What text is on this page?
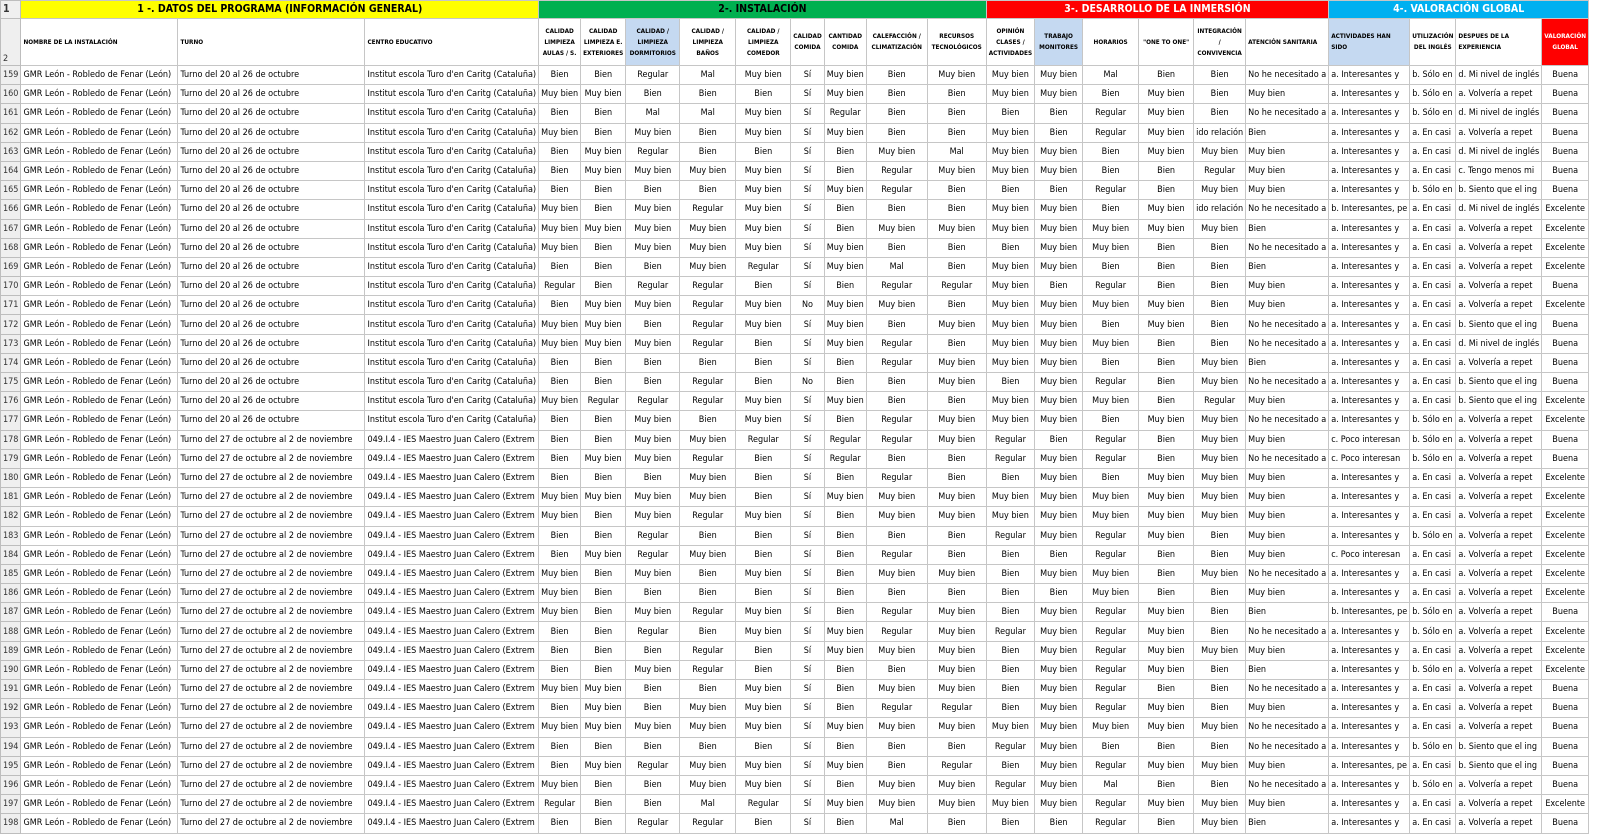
1	1 -. DATOS DEL PROGRAMA (INFORMACIÓN GENERAL)			2-. INSTALACIÓN									3-. DESARROLLO DE LA INMERSIÓN						4-. VALORACIÓN GLOBAL			
2	NOMBRE DE LA INSTALACIÓN	TURNO	CENTRO EDUCATIVO	CALIDAD LIMPIEZA AULAS / S.	CALIDAD LIMPIEZA E. EXTERIORES	CALIDAD / LIMPIEZA DORMITORIOS	CALIDAD / LIMPIEZA BAÑOS	CALIDAD / LIMPIEZA COMEDOR	CALIDAD COMIDA	CANTIDAD COMIDA	CALEFACCIÓN / CLIMATIZACIÓN	RECURSOS TECNOLÓGICOS	OPINIÓN CLASES / ACTIVIDADES	TRABAJO MONITORES	HORARIOS	"ONE TO ONE"	INTEGRACIÓN / CONVIVENCIA	ATENCIÓN SANITARIA	ACTIVIDADES HAN SIDO	UTILIZACIÓN DEL INGLÉS	DESPUES DE LA EXPERIENCIA	VALORACIÓN GLOBAL
159	GMR León - Robledo de Fenar (León)	Turno del 20 al 26 de octubre	Institut escola Turo d'en Caritg (Cataluña)	Bien	Bien	Regular	Mal	Muy bien	Sí	Muy bien	Bien	Muy bien	Muy bien	Muy bien	Mal	Bien	Bien	No he necesitado a	a. Interesantes y	b. Sólo en	d. Mi nivel de inglés	Buena
160	GMR León - Robledo de Fenar (León)	Turno del 20 al 26 de octubre	Institut escola Turo d'en Caritg (Cataluña)	Muy bien	Muy bien	Bien	Bien	Bien	Sí	Muy bien	Bien	Bien	Muy bien	Muy bien	Bien	Muy bien	Bien	Muy bien	a. Interesantes y	b. Sólo en	a. Volvería a repet	Buena
161	GMR León - Robledo de Fenar (León)	Turno del 20 al 26 de octubre	Institut escola Turo d'en Caritg (Cataluña)	Bien	Bien	Mal	Mal	Muy bien	Sí	Regular	Bien	Bien	Bien	Bien	Regular	Muy bien	Bien	No he necesitado a	a. Interesantes y	b. Sólo en	d. Mi nivel de inglés	Buena
162	GMR León - Robledo de Fenar (León)	Turno del 20 al 26 de octubre	Institut escola Turo d'en Caritg (Cataluña)	Muy bien	Bien	Muy bien	Bien	Muy bien	Sí	Muy bien	Bien	Bien	Muy bien	Bien	Regular	Muy bien	ido relación	Bien	a. Interesantes y	a. En casi	a. Volvería a repet	Buena
163	GMR León - Robledo de Fenar (León)	Turno del 20 al 26 de octubre	Institut escola Turo d'en Caritg (Cataluña)	Bien	Muy bien	Regular	Bien	Bien	Sí	Bien	Muy bien	Mal	Muy bien	Muy bien	Bien	Muy bien	Muy bien	Muy bien	a. Interesantes y	a. En casi	d. Mi nivel de inglés	Buena
164	GMR León - Robledo de Fenar (León)	Turno del 20 al 26 de octubre	Institut escola Turo d'en Caritg (Cataluña)	Bien	Muy bien	Muy bien	Muy bien	Muy bien	Sí	Bien	Regular	Muy bien	Muy bien	Muy bien	Bien	Bien	Regular	Muy bien	a. Interesantes y	a. En casi	c. Tengo menos mi	Buena
165	GMR León - Robledo de Fenar (León)	Turno del 20 al 26 de octubre	Institut escola Turo d'en Caritg (Cataluña)	Bien	Bien	Bien	Bien	Muy bien	Sí	Muy bien	Regular	Bien	Bien	Bien	Regular	Bien	Muy bien	Muy bien	a. Interesantes y	b. Sólo en	b. Siento que el ing	Buena
166	GMR León - Robledo de Fenar (León)	Turno del 20 al 26 de octubre	Institut escola Turo d'en Caritg (Cataluña)	Muy bien	Bien	Muy bien	Regular	Muy bien	Sí	Bien	Bien	Bien	Muy bien	Muy bien	Bien	Muy bien	ido relación	No he necesitado a	b. Interesantes, pe	a. En casi	d. Mi nivel de inglés	Excelente
167	GMR León - Robledo de Fenar (León)	Turno del 20 al 26 de octubre	Institut escola Turo d'en Caritg (Cataluña)	Muy bien	Muy bien	Muy bien	Muy bien	Muy bien	Sí	Bien	Muy bien	Muy bien	Muy bien	Muy bien	Muy bien	Muy bien	Muy bien	Bien	a. Interesantes y	a. En casi	a. Volvería a repet	Excelente
168	GMR León - Robledo de Fenar (León)	Turno del 20 al 26 de octubre	Institut escola Turo d'en Caritg (Cataluña)	Muy bien	Bien	Muy bien	Muy bien	Muy bien	Sí	Muy bien	Bien	Bien	Bien	Muy bien	Muy bien	Bien	Bien	No he necesitado a	a. Interesantes y	a. En casi	a. Volvería a repet	Excelente
169	GMR León - Robledo de Fenar (León)	Turno del 20 al 26 de octubre	Institut escola Turo d'en Caritg (Cataluña)	Bien	Bien	Bien	Muy bien	Regular	Sí	Muy bien	Mal	Bien	Muy bien	Muy bien	Bien	Bien	Bien	Bien	a. Interesantes y	a. En casi	a. Volvería a repet	Excelente
170	GMR León - Robledo de Fenar (León)	Turno del 20 al 26 de octubre	Institut escola Turo d'en Caritg (Cataluña)	Regular	Bien	Regular	Regular	Bien	Sí	Bien	Regular	Regular	Muy bien	Bien	Regular	Bien	Bien	Muy bien	a. Interesantes y	a. En casi	a. Volvería a repet	Buena
171	GMR León - Robledo de Fenar (León)	Turno del 20 al 26 de octubre	Institut escola Turo d'en Caritg (Cataluña)	Bien	Muy bien	Muy bien	Regular	Muy bien	No	Muy bien	Muy bien	Bien	Muy bien	Muy bien	Muy bien	Muy bien	Bien	Muy bien	a. Interesantes y	a. En casi	a. Volvería a repet	Excelente
172	GMR León - Robledo de Fenar (León)	Turno del 20 al 26 de octubre	Institut escola Turo d'en Caritg (Cataluña)	Muy bien	Muy bien	Bien	Regular	Muy bien	Sí	Muy bien	Bien	Muy bien	Muy bien	Muy bien	Bien	Muy bien	Bien	No he necesitado a	a. Interesantes y	a. En casi	b. Siento que el ing	Buena
173	GMR León - Robledo de Fenar (León)	Turno del 20 al 26 de octubre	Institut escola Turo d'en Caritg (Cataluña)	Muy bien	Muy bien	Muy bien	Regular	Bien	Sí	Muy bien	Regular	Bien	Muy bien	Muy bien	Muy bien	Bien	Bien	No he necesitado a	a. Interesantes y	a. En casi	d. Mi nivel de inglés	Buena
174	GMR León - Robledo de Fenar (León)	Turno del 20 al 26 de octubre	Institut escola Turo d'en Caritg (Cataluña)	Bien	Bien	Bien	Bien	Bien	Sí	Bien	Regular	Muy bien	Muy bien	Muy bien	Bien	Bien	Muy bien	Bien	a. Interesantes y	a. En casi	a. Volvería a repet	Buena
175	GMR León - Robledo de Fenar (León)	Turno del 20 al 26 de octubre	Institut escola Turo d'en Caritg (Cataluña)	Bien	Bien	Bien	Regular	Bien	No	Bien	Bien	Muy bien	Bien	Muy bien	Regular	Bien	Muy bien	No he necesitado a	a. Interesantes y	a. En casi	b. Siento que el ing	Buena
176	GMR León - Robledo de Fenar (León)	Turno del 20 al 26 de octubre	Institut escola Turo d'en Caritg (Cataluña)	Muy bien	Regular	Regular	Regular	Muy bien	Sí	Muy bien	Bien	Bien	Muy bien	Muy bien	Muy bien	Bien	Regular	Muy bien	a. Interesantes y	a. En casi	b. Siento que el ing	Excelente
177	GMR León - Robledo de Fenar (León)	Turno del 20 al 26 de octubre	Institut escola Turo d'en Caritg (Cataluña)	Bien	Bien	Muy bien	Bien	Muy bien	Sí	Bien	Regular	Muy bien	Muy bien	Muy bien	Bien	Muy bien	Muy bien	No he necesitado a	a. Interesantes y	b. Sólo en	a. Volvería a repet	Excelente
178	GMR León - Robledo de Fenar (León)	Turno del 27 de octubre al 2 de noviembre	049.I.4 - IES Maestro Juan Calero (Extrem	Bien	Bien	Muy bien	Muy bien	Regular	Sí	Regular	Regular	Muy bien	Regular	Bien	Regular	Bien	Muy bien	Muy bien	c. Poco interesan	b. Sólo en	a. Volvería a repet	Buena
179	GMR León - Robledo de Fenar (León)	Turno del 27 de octubre al 2 de noviembre	049.I.4 - IES Maestro Juan Calero (Extrem	Bien	Muy bien	Muy bien	Regular	Bien	Sí	Regular	Bien	Bien	Regular	Muy bien	Regular	Bien	Muy bien	No he necesitado a	c. Poco interesan	b. Sólo en	a. Volvería a repet	Buena
180	GMR León - Robledo de Fenar (León)	Turno del 27 de octubre al 2 de noviembre	049.I.4 - IES Maestro Juan Calero (Extrem	Bien	Bien	Bien	Muy bien	Bien	Sí	Bien	Regular	Bien	Bien	Muy bien	Bien	Muy bien	Muy bien	Muy bien	a. Interesantes y	a. En casi	a. Volvería a repet	Excelente
181	GMR León - Robledo de Fenar (León)	Turno del 27 de octubre al 2 de noviembre	049.I.4 - IES Maestro Juan Calero (Extrem	Muy bien	Muy bien	Muy bien	Muy bien	Bien	Sí	Muy bien	Muy bien	Muy bien	Muy bien	Muy bien	Muy bien	Muy bien	Muy bien	Muy bien	a. Interesantes y	a. En casi	a. Volvería a repet	Excelente
182	GMR León - Robledo de Fenar (León)	Turno del 27 de octubre al 2 de noviembre	049.I.4 - IES Maestro Juan Calero (Extrem	Muy bien	Bien	Muy bien	Regular	Muy bien	Sí	Bien	Muy bien	Muy bien	Muy bien	Muy bien	Muy bien	Muy bien	Muy bien	Muy bien	a. Interesantes y	a. En casi	a. Volvería a repet	Excelente
183	GMR León - Robledo de Fenar (León)	Turno del 27 de octubre al 2 de noviembre	049.I.4 - IES Maestro Juan Calero (Extrem	Bien	Bien	Regular	Bien	Bien	Sí	Bien	Bien	Bien	Regular	Muy bien	Regular	Muy bien	Bien	Muy bien	a. Interesantes y	b. Sólo en	a. Volvería a repet	Excelente
184	GMR León - Robledo de Fenar (León)	Turno del 27 de octubre al 2 de noviembre	049.I.4 - IES Maestro Juan Calero (Extrem	Bien	Muy bien	Regular	Muy bien	Bien	Sí	Bien	Regular	Bien	Bien	Bien	Regular	Bien	Bien	Muy bien	c. Poco interesan	a. En casi	a. Volvería a repet	Excelente
185	GMR León - Robledo de Fenar (León)	Turno del 27 de octubre al 2 de noviembre	049.I.4 - IES Maestro Juan Calero (Extrem	Muy bien	Bien	Muy bien	Bien	Muy bien	Sí	Bien	Muy bien	Muy bien	Bien	Muy bien	Muy bien	Bien	Muy bien	No he necesitado a	a. Interesantes y	a. En casi	a. Volvería a repet	Excelente
186	GMR León - Robledo de Fenar (León)	Turno del 27 de octubre al 2 de noviembre	049.I.4 - IES Maestro Juan Calero (Extrem	Muy bien	Bien	Bien	Bien	Bien	Sí	Bien	Bien	Bien	Bien	Bien	Muy bien	Bien	Bien	Muy bien	a. Interesantes y	a. En casi	a. Volvería a repet	Excelente
187	GMR León - Robledo de Fenar (León)	Turno del 27 de octubre al 2 de noviembre	049.I.4 - IES Maestro Juan Calero (Extrem	Muy bien	Bien	Muy bien	Regular	Muy bien	Sí	Bien	Regular	Muy bien	Bien	Muy bien	Regular	Muy bien	Bien	Bien	b. Interesantes, pe	b. Sólo en	a. Volvería a repet	Buena
188	GMR León - Robledo de Fenar (León)	Turno del 27 de octubre al 2 de noviembre	049.I.4 - IES Maestro Juan Calero (Extrem	Bien	Bien	Regular	Bien	Muy bien	Sí	Muy bien	Regular	Muy bien	Regular	Muy bien	Regular	Muy bien	Bien	No he necesitado a	a. Interesantes y	b. Sólo en	a. Volvería a repet	Excelente
189	GMR León - Robledo de Fenar (León)	Turno del 27 de octubre al 2 de noviembre	049.I.4 - IES Maestro Juan Calero (Extrem	Bien	Bien	Bien	Regular	Bien	Sí	Muy bien	Muy bien	Muy bien	Bien	Muy bien	Regular	Muy bien	Muy bien	Muy bien	a. Interesantes y	a. En casi	a. Volvería a repet	Excelente
190	GMR León - Robledo de Fenar (León)	Turno del 27 de octubre al 2 de noviembre	049.I.4 - IES Maestro Juan Calero (Extrem	Bien	Bien	Muy bien	Regular	Bien	Sí	Bien	Bien	Muy bien	Bien	Muy bien	Regular	Muy bien	Bien	Bien	a. Interesantes y	b. Sólo en	a. Volvería a repet	Excelente
191	GMR León - Robledo de Fenar (León)	Turno del 27 de octubre al 2 de noviembre	049.I.4 - IES Maestro Juan Calero (Extrem	Muy bien	Muy bien	Bien	Bien	Muy bien	Sí	Bien	Muy bien	Muy bien	Bien	Muy bien	Regular	Bien	Bien	No he necesitado a	a. Interesantes y	a. En casi	a. Volvería a repet	Buena
192	GMR León - Robledo de Fenar (León)	Turno del 27 de octubre al 2 de noviembre	049.I.4 - IES Maestro Juan Calero (Extrem	Bien	Muy bien	Bien	Muy bien	Muy bien	Sí	Bien	Regular	Regular	Bien	Muy bien	Regular	Muy bien	Bien	Muy bien	a. Interesantes y	a. En casi	a. Volvería a repet	Buena
193	GMR León - Robledo de Fenar (León)	Turno del 27 de octubre al 2 de noviembre	049.I.4 - IES Maestro Juan Calero (Extrem	Muy bien	Muy bien	Muy bien	Muy bien	Muy bien	Sí	Muy bien	Muy bien	Muy bien	Muy bien	Muy bien	Muy bien	Muy bien	Muy bien	No he necesitado a	a. Interesantes y	a. En casi	a. Volvería a repet	Buena
194	GMR León - Robledo de Fenar (León)	Turno del 27 de octubre al 2 de noviembre	049.I.4 - IES Maestro Juan Calero (Extrem	Bien	Bien	Bien	Bien	Bien	Sí	Bien	Bien	Bien	Regular	Muy bien	Bien	Bien	Bien	No he necesitado a	a. Interesantes y	b. Sólo en	b. Siento que el ing	Buena
195	GMR León - Robledo de Fenar (León)	Turno del 27 de octubre al 2 de noviembre	049.I.4 - IES Maestro Juan Calero (Extrem	Bien	Muy bien	Regular	Muy bien	Muy bien	Sí	Muy bien	Bien	Regular	Bien	Muy bien	Regular	Muy bien	Muy bien	Muy bien	a. Interesantes, pe	a. En casi	b. Siento que el ing	Buena
196	GMR León - Robledo de Fenar (León)	Turno del 27 de octubre al 2 de noviembre	049.I.4 - IES Maestro Juan Calero (Extrem	Muy bien	Bien	Bien	Muy bien	Muy bien	Sí	Bien	Muy bien	Muy bien	Regular	Muy bien	Mal	Bien	Bien	No he necesitado a	a. Interesantes y	b. Sólo en	a. Volvería a repet	Buena
197	GMR León - Robledo de Fenar (León)	Turno del 27 de octubre al 2 de noviembre	049.I.4 - IES Maestro Juan Calero (Extrem	Regular	Bien	Bien	Mal	Regular	Sí	Muy bien	Muy bien	Muy bien	Muy bien	Muy bien	Regular	Muy bien	Muy bien	Muy bien	a. Interesantes y	a. En casi	a. Volvería a repet	Excelente
198	GMR León - Robledo de Fenar (León)	Turno del 27 de octubre al 2 de noviembre	049.I.4 - IES Maestro Juan Calero (Extrem	Bien	Bien	Regular	Regular	Bien	Sí	Bien	Mal	Bien	Bien	Bien	Regular	Bien	Muy bien	Bien	a. Interesantes y	a. En casi	a. Volvería a repet	Buena
